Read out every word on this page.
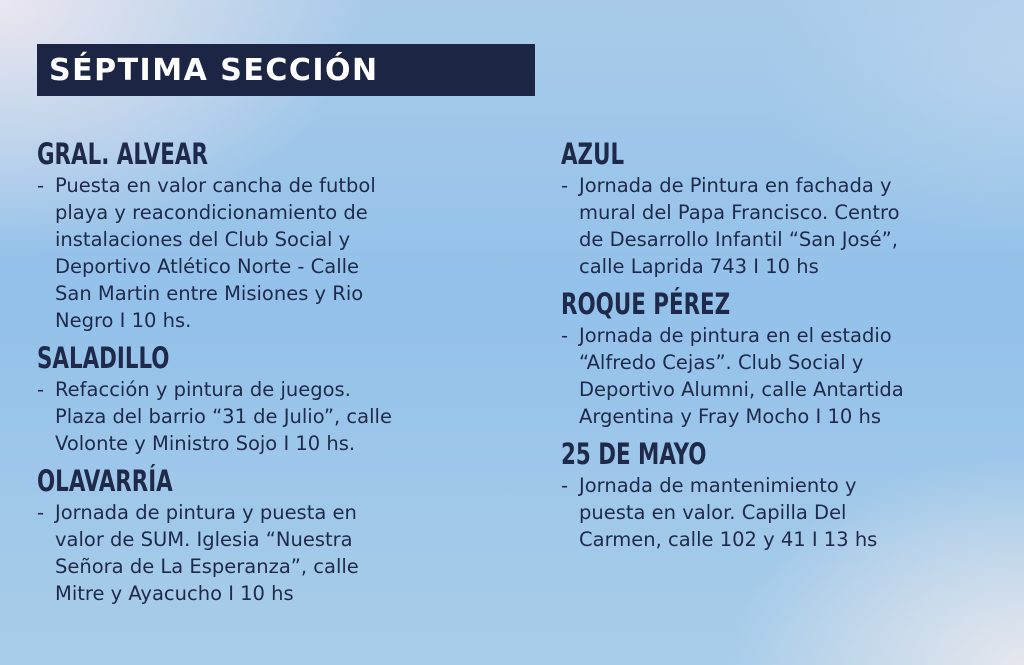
SÉPTIMA SECCIÓN
GRAL. ALVEAR
- Puesta en valor cancha de futbol
playa y reacondicionamiento de
instalaciones del Club Social y
Deportivo Atlético Norte - Calle
San Martin entre Misiones y Rio
Negro I 10 hs.
SALADILLO
- Refacción y pintura de juegos.
Plaza del barrio “31 de Julio”, calle
Volonte y Ministro Sojo I 10 hs.
OLAVARRÍA
- Jornada de pintura y puesta en
valor de SUM. Iglesia “Nuestra
Señora de La Esperanza”, calle
Mitre y Ayacucho I 10 hs
AZUL
- Jornada de Pintura en fachada y
mural del Papa Francisco. Centro
de Desarrollo Infantil “San José”,
calle Laprida 743 I 10 hs
ROQUE PÉREZ
- Jornada de pintura en el estadio
“Alfredo Cejas”. Club Social y
Deportivo Alumni, calle Antartida
Argentina y Fray Mocho I 10 hs
25 DE MAYO
- Jornada de mantenimiento y
puesta en valor. Capilla Del
Carmen, calle 102 y 41 I 13 hs
